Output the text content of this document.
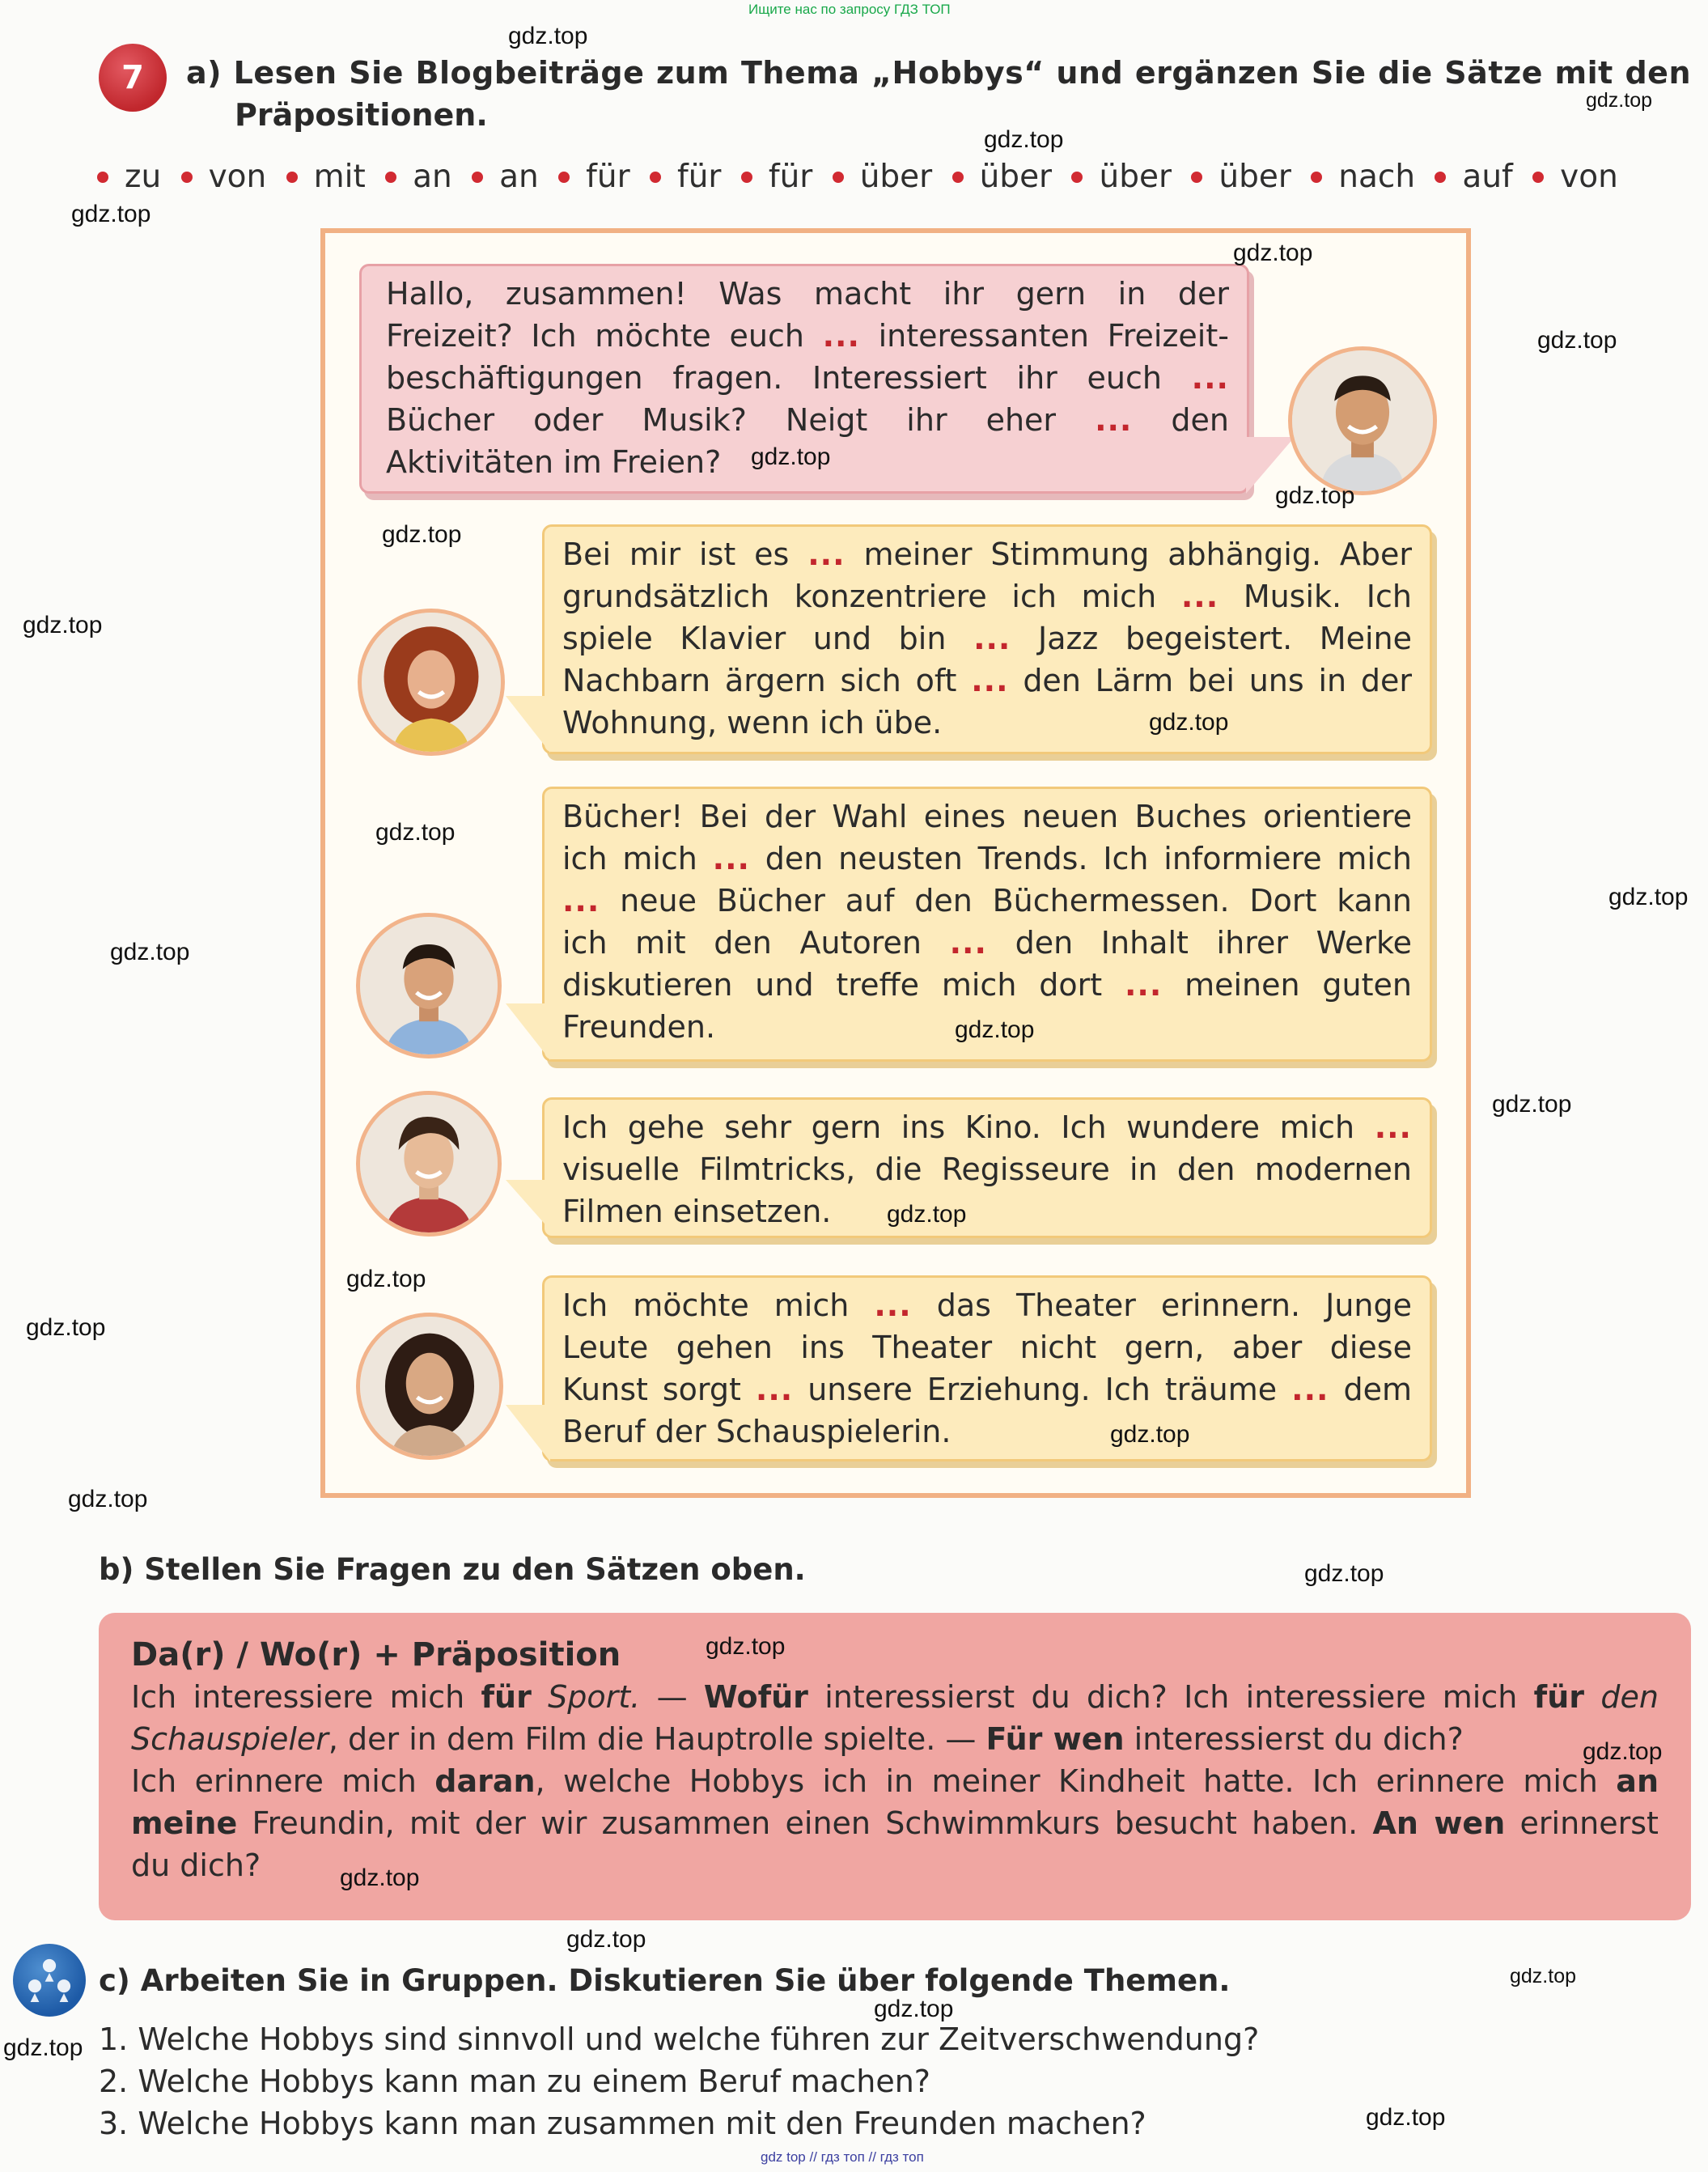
Ищите нас по запросу ГДЗ ТОП
7	a) Lesen Sie Blogbeiträge zum Thema „Hobbys“ und ergänzen Sie die Sätze mit den
Präpositionen.
zu von mit an an für für für über über über über nach auf von
Hallo, zusammen! Was macht ihr gern in der
Freizeit? Ich möchte euch ... interessanten Freizeit-
beschäftigungen fragen. Interessiert ihr euch ...
Bücher oder Musik? Neigt ihr eher ... den
Aktivitäten im Freien?
Bei mir ist es ... meiner Stimmung abhängig. Aber
grundsätzlich konzentriere ich mich ... Musik. Ich
spiele Klavier und bin ... Jazz begeistert. Meine
Nachbarn ärgern sich oft ... den Lärm bei uns in der
Wohnung, wenn ich übe.
Bücher! Bei der Wahl eines neuen Buches orientiere
ich mich ... den neusten Trends. Ich informiere mich
... neue Bücher auf den Büchermessen. Dort kann
ich mit den Autoren ... den Inhalt ihrer Werke
diskutieren und treffe mich dort ... meinen guten
Freunden.
Ich gehe sehr gern ins Kino. Ich wundere mich ...
visuelle Filmtricks, die Regisseure in den modernen
Filmen einsetzen.
Ich möchte mich ... das Theater erinnern. Junge
Leute gehen ins Theater nicht gern, aber diese
Kunst sorgt ... unsere Erziehung. Ich träume ... dem
Beruf der Schauspielerin.
b) Stellen Sie Fragen zu den Sätzen oben.
Da(r) / Wo(r) + Präposition

Ich interessiere mich für Sport. — Wofür interessierst du dich? Ich interessiere mich für den

Schauspieler, der in dem Film die Hauptrolle spielte. — Für wen interessierst du dich?

Ich erinnere mich daran, welche Hobbys ich in meiner Kindheit hatte. Ich erinnere mich an

meine Freundin, mit der wir zusammen einen Schwimmkurs besucht haben. An wen erinnerst

du dich?

c) Arbeiten Sie in Gruppen. Diskutieren Sie über folgende Themen.
1. Welche Hobbys sind sinnvoll und welche führen zur Zeitverschwendung?
2. Welche Hobbys kann man zu einem Beruf machen?
3. Welche Hobbys kann man zusammen mit den Freunden machen?
gdz.top
gdz.top
gdz.top
gdz.top
gdz.top
gdz.top
gdz.top
gdz.top
gdz.top
gdz.top
gdz.top
gdz.top
gdz.top
gdz.top
gdz.top
gdz.top
gdz.top
gdz.top
gdz.top
gdz.top
gdz.top
gdz.top
gdz.top
gdz.top
gdz.top
gdz.top
gdz.top
gdz.top
gdz.top
gdz.top
gdz top // гдз топ // гдз топ
